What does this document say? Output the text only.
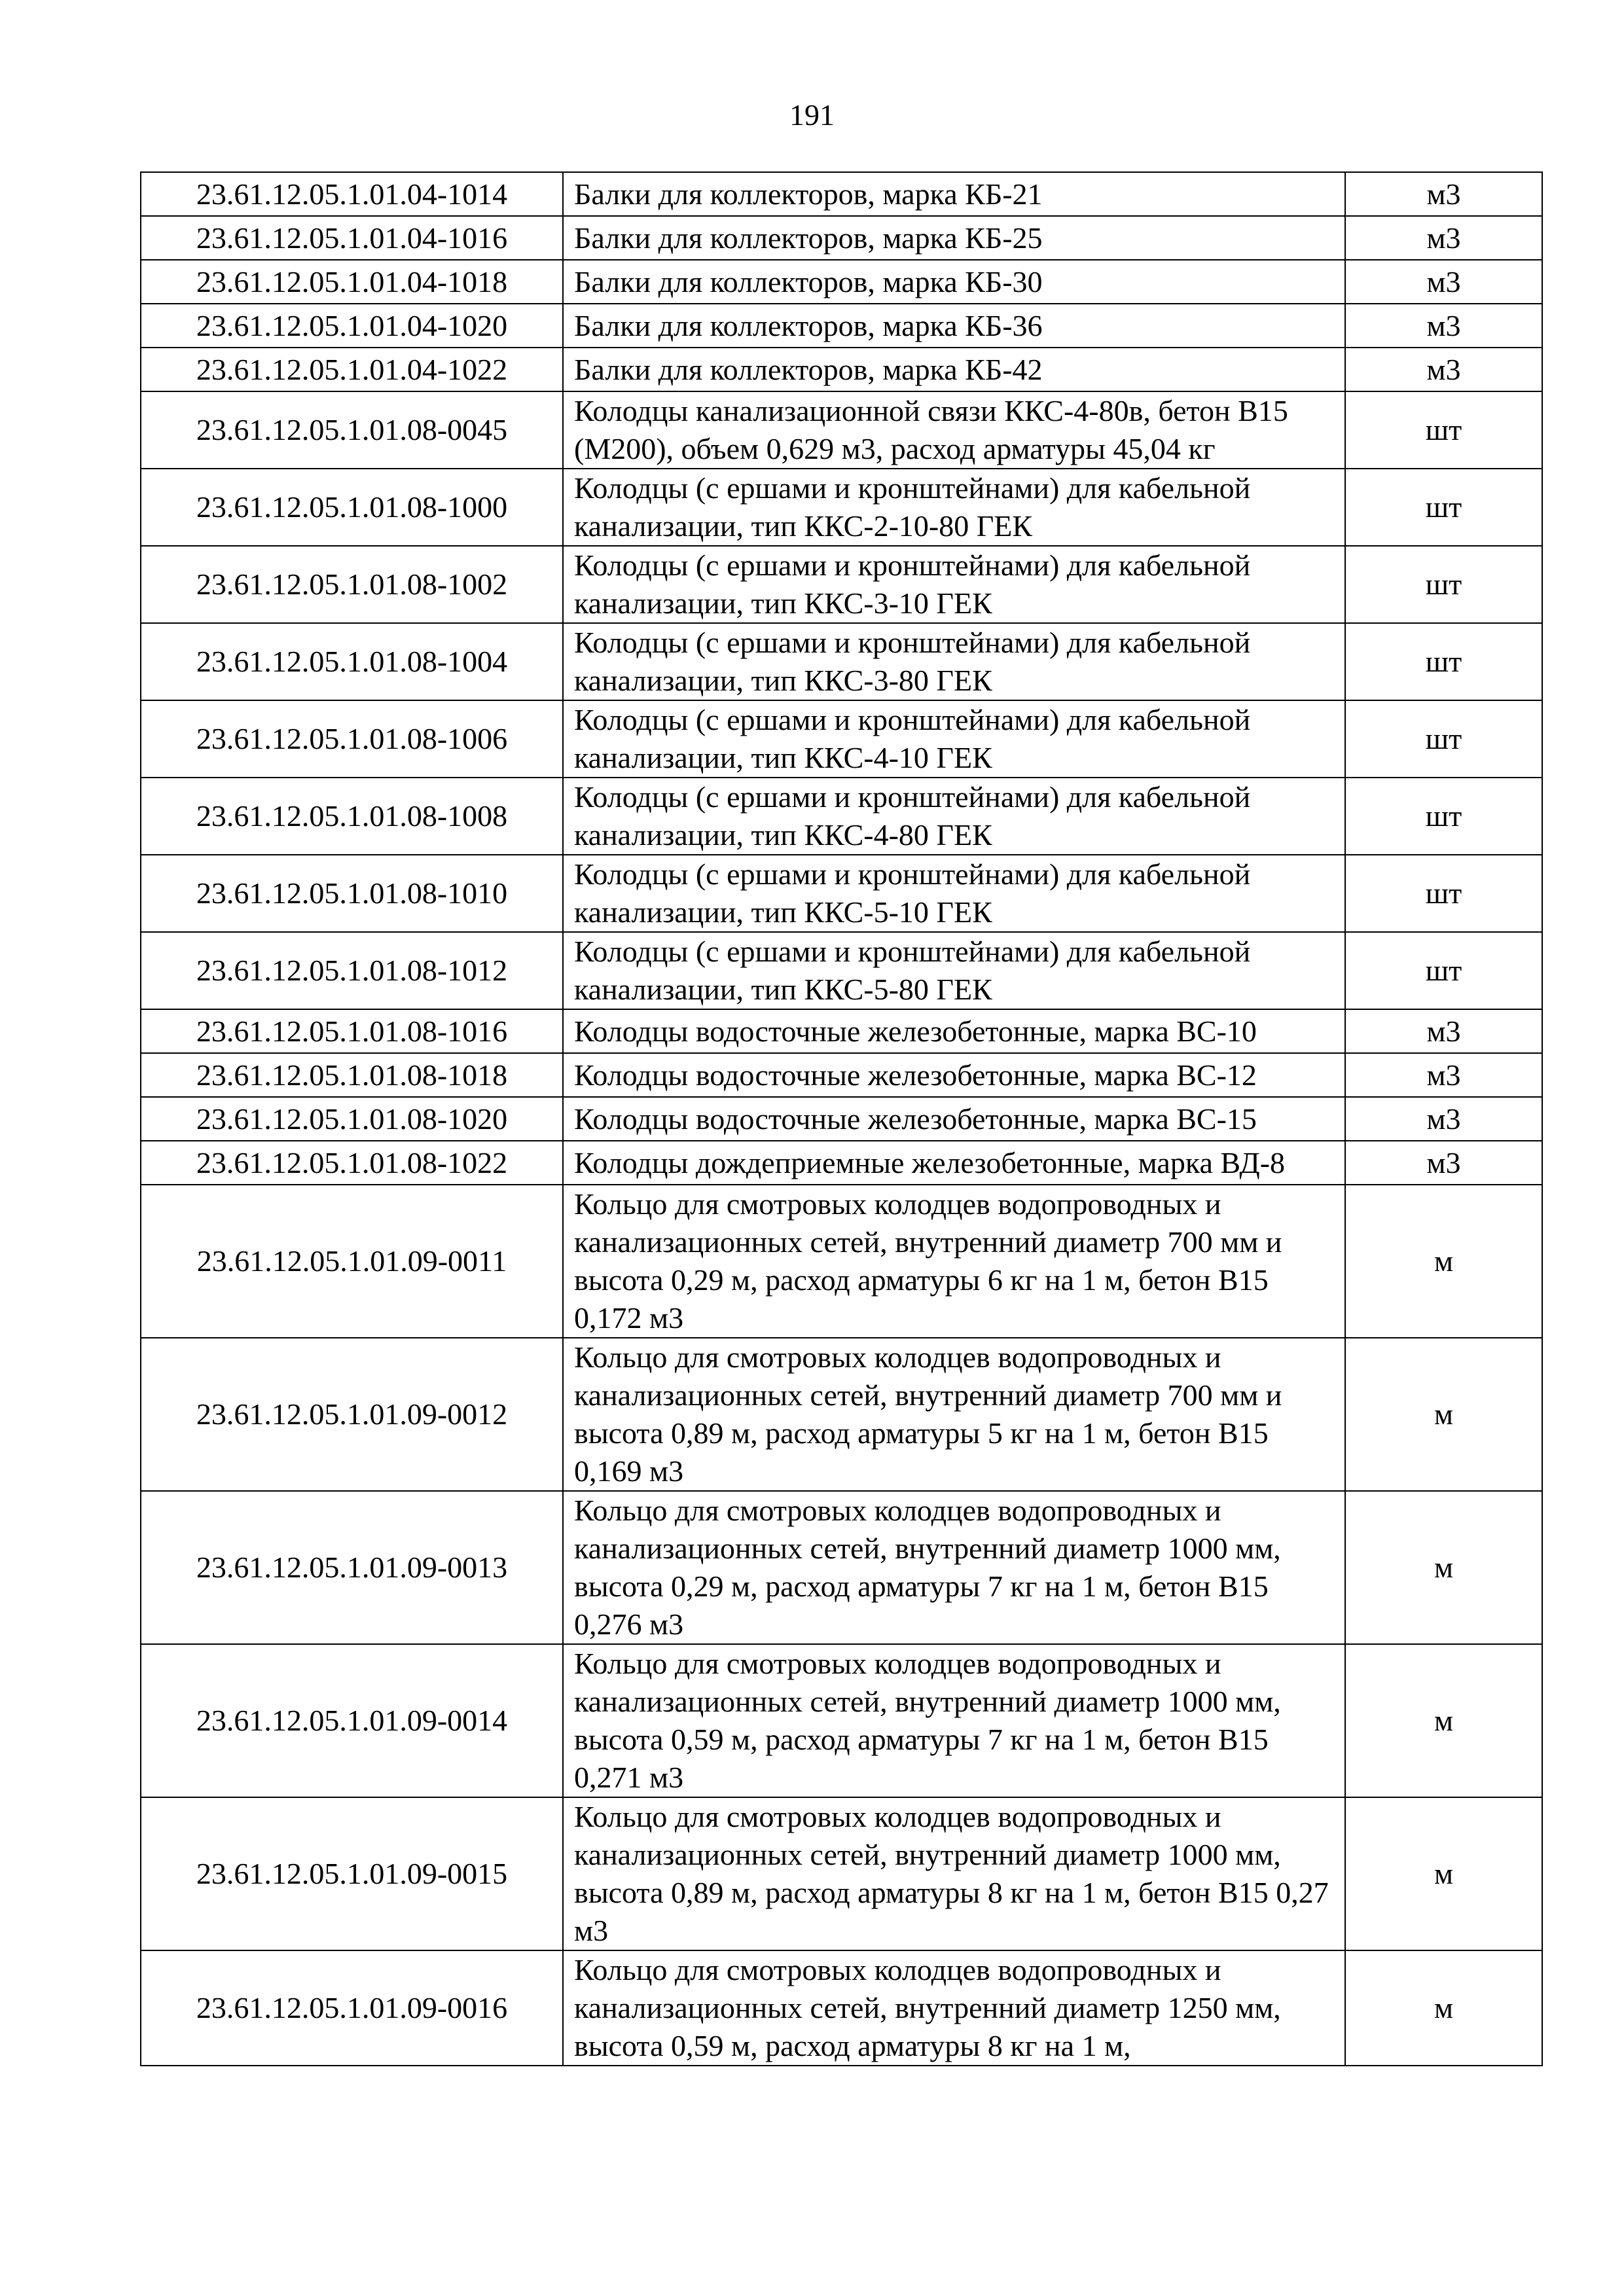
191
23.61.12.05.1.01.04-1014	Балки для коллекторов, марка КБ-21	м3
23.61.12.05.1.01.04-1016	Балки для коллекторов, марка КБ-25	м3
23.61.12.05.1.01.04-1018	Балки для коллекторов, марка КБ-30	м3
23.61.12.05.1.01.04-1020	Балки для коллекторов, марка КБ-36	м3
23.61.12.05.1.01.04-1022	Балки для коллекторов, марка КБ-42	м3
23.61.12.05.1.01.08-0045	Колодцы канализационной связи ККС-4-80в, бетон В15 (М200), объем 0,629 м3, расход арматуры 45,04 кг	шт
23.61.12.05.1.01.08-1000	Колодцы (с ершами и кронштейнами) для кабельной канализации, тип ККС-2-10-80 ГЕК	шт
23.61.12.05.1.01.08-1002	Колодцы (с ершами и кронштейнами) для кабельной канализации, тип ККС-3-10 ГЕК	шт
23.61.12.05.1.01.08-1004	Колодцы (с ершами и кронштейнами) для кабельной канализации, тип ККС-3-80 ГЕК	шт
23.61.12.05.1.01.08-1006	Колодцы (с ершами и кронштейнами) для кабельной канализации, тип ККС-4-10 ГЕК	шт
23.61.12.05.1.01.08-1008	Колодцы (с ершами и кронштейнами) для кабельной канализации, тип ККС-4-80 ГЕК	шт
23.61.12.05.1.01.08-1010	Колодцы (с ершами и кронштейнами) для кабельной канализации, тип ККС-5-10 ГЕК	шт
23.61.12.05.1.01.08-1012	Колодцы (с ершами и кронштейнами) для кабельной канализации, тип ККС-5-80 ГЕК	шт
23.61.12.05.1.01.08-1016	Колодцы водосточные железобетонные, марка ВС-10	м3
23.61.12.05.1.01.08-1018	Колодцы водосточные железобетонные, марка ВС-12	м3
23.61.12.05.1.01.08-1020	Колодцы водосточные железобетонные, марка ВС-15	м3
23.61.12.05.1.01.08-1022	Колодцы дождеприемные железобетонные, марка ВД-8	м3
23.61.12.05.1.01.09-0011	Кольцо для смотровых колодцев водопроводных и канализационных сетей, внутренний диаметр 700 мм и высота 0,29 м, расход арматуры 6 кг на 1 м, бетон В15 0,172 м3	м
23.61.12.05.1.01.09-0012	Кольцо для смотровых колодцев водопроводных и канализационных сетей, внутренний диаметр 700 мм и высота 0,89 м, расход арматуры 5 кг на 1 м, бетон В15 0,169 м3	м
23.61.12.05.1.01.09-0013	Кольцо для смотровых колодцев водопроводных и канализационных сетей, внутренний диаметр 1000 мм, высота 0,29 м, расход арматуры 7 кг на 1 м, бетон В15 0,276 м3	м
23.61.12.05.1.01.09-0014	Кольцо для смотровых колодцев водопроводных и канализационных сетей, внутренний диаметр 1000 мм, высота 0,59 м, расход арматуры 7 кг на 1 м, бетон В15 0,271 м3	м
23.61.12.05.1.01.09-0015	Кольцо для смотровых колодцев водопроводных и канализационных сетей, внутренний диаметр 1000 мм, высота 0,89 м, расход арматуры 8 кг на 1 м, бетон В15 0,27 м3	м
23.61.12.05.1.01.09-0016	Кольцо для смотровых колодцев водопроводных и канализационных сетей, внутренний диаметр 1250 мм, высота 0,59 м, расход арматуры 8 кг на 1 м,	м
